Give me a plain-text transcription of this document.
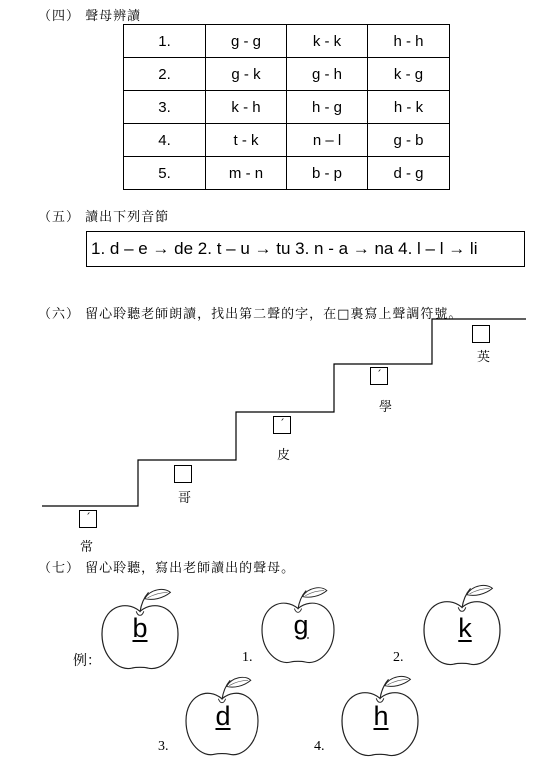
（四） 聲母辨讀
1.	g - g	k - k	h - h
2.	g - k	g - h	k - g
3.	k - h	h - g	h - k
4.	t - k	n – l	g - b
5.	m - n	b - p	d - g
（五） 讀出下列音節
1. d – e → de 2. t – u → tu 3. n - a → na 4. l – l → li
（六） 留心聆聽老師朗讀，找出第二聲的字，在□裏寫上聲調符號。
ˊ
常
哥
ˊ
皮
ˊ
學
英
（七） 留心聆聽，寫出老師讀出的聲母。
例：
b
1.
g
2.
k
3.
d
4.
h
